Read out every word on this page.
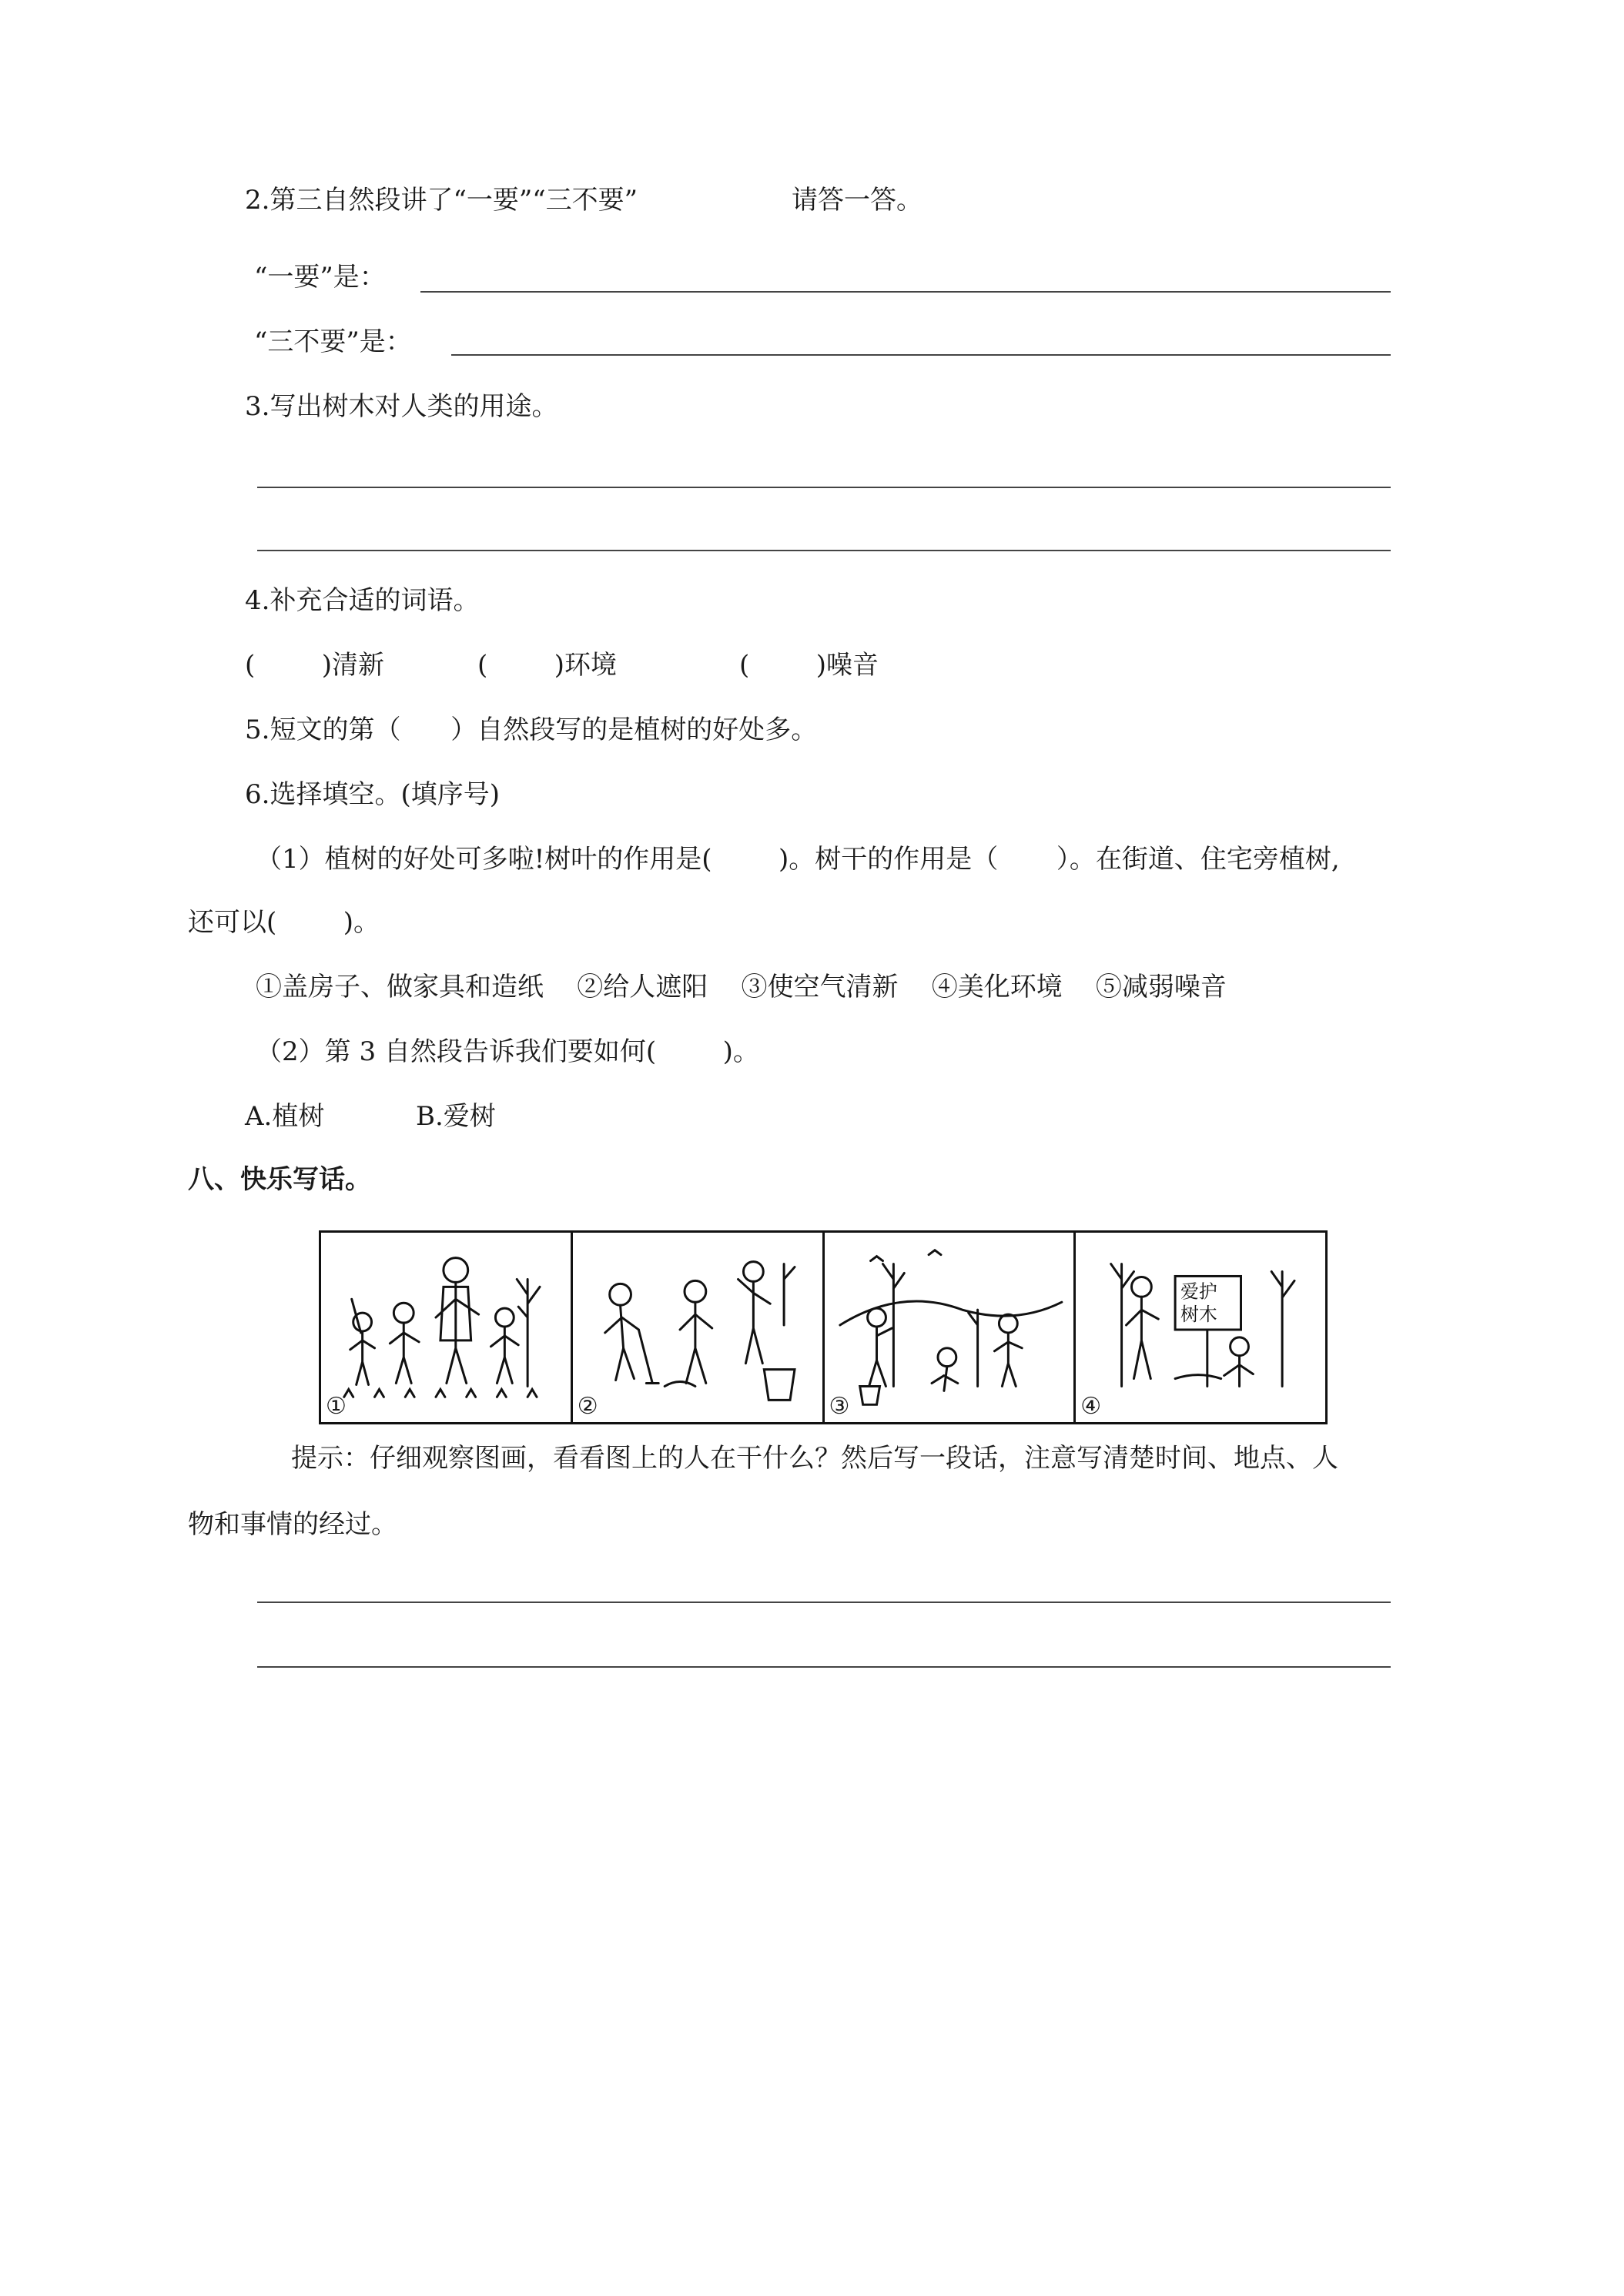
2.第三自然段讲了“一要”“三不要”	请答一答。
“一要”是：
“三不要”是：
3.写出树木对人类的用途。
4.补充合适的词语。
(        )清新	(        )环境	(        )噪音
5.短文的第（      ）自然段写的是植树的好处多。
6.选择填空。(填序号)
（1）植树的好处可多啦!树叶的作用是(        )。树干的作用是（       ）。在街道、住宅旁植树,
还可以(        )。
①盖房子、做家具和造纸    ②给人遮阳    ③使空气清新    ④美化环境    ⑤减弱噪音
（2）第 3 自然段告诉我们要如何(        )。
A.植树	B.爱树
八、快乐写话。
①	②	③
爱护
树木
④
提示：仔细观察图画，看看图上的人在干什么？然后写一段话，注意写清楚时间、地点、人
物和事情的经过。
